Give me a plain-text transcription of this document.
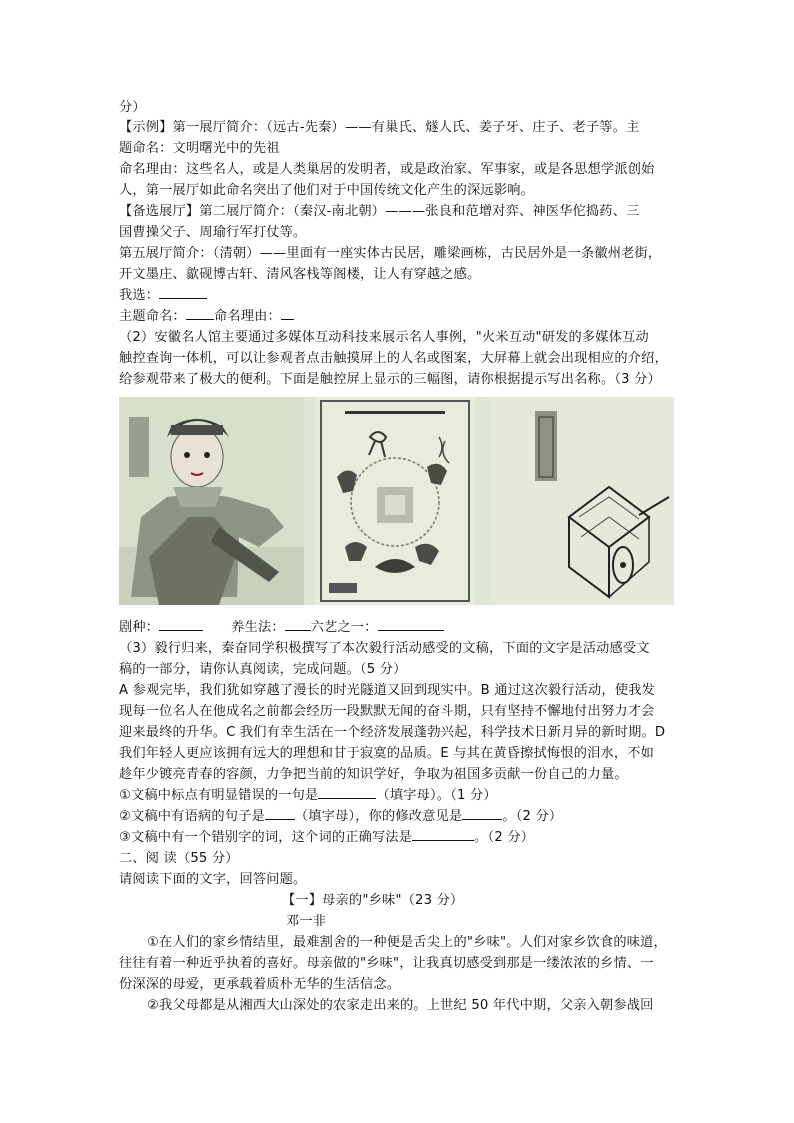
分）
【示例】第一展厅简介：（远古-先秦）——有巢氏、燧人氏、姜子牙、庄子、老子等。主
题命名：文明曙光中的先祖
命名理由：这些名人，或是人类巢居的发明者，或是政治家、军事家，或是各思想学派创始
人，第一展厅如此命名突出了他们对于中国传统文化产生的深远影响。
【备选展厅】第二展厅简介：（秦汉-南北朝）———张良和范增对弈、神医华佗捣药、三
国曹操父子、周瑜行军打仗等。
第五展厅简介：（清朝）——里面有一座实体古民居，雕梁画栋，古民居外是一条徽州老街，
开文墨庄、歙砚博古轩、清风客栈等阁楼，让人有穿越之感。
我选：
主题命名： 命名理由：
（2）安徽名人馆主要通过多媒体互动科技来展示名人事例，"火米互动"研发的多媒体互动
触控查询一体机，可以让参观者点击触摸屏上的人名或图案，大屏幕上就会出现相应的介绍，
给参观带来了极大的便利。下面是触控屏上显示的三幅图，请你根据提示写出名称。（3 分）
剧种：	养生法： 六艺之一：
（3）毅行归来，秦奋同学积极撰写了本次毅行活动感受的文稿，下面的文字是活动感受文
稿的一部分，请你认真阅读，完成问题。（5 分）
A 参观完毕，我们犹如穿越了漫长的时光隧道又回到现实中。B 通过这次毅行活动，使我发
现每一位名人在他成名之前都会经历一段默默无闻的奋斗期，只有坚持不懈地付出努力才会
迎来最终的升华。C 我们有幸生活在一个经济发展蓬勃兴起，科学技术日新月异的新时期。D
我们年轻人更应该拥有远大的理想和甘于寂寞的品质。E 与其在黄昏擦拭悔恨的泪水，不如
趁年少镀亮青春的容颜，力争把当前的知识学好，争取为祖国多贡献一份自己的力量。
①文稿中标点有明显错误的一句是	（填字母）。（1 分）
②文稿中有语病的句子是 （填字母），你的修改意见是	。（2 分）
③文稿中有一个错别字的词，这个词的正确写法是	。（2 分）
二、阅 读（55 分）
请阅读下面的文字，回答问题。
【一】母亲的"乡味"（23 分）
邓一非
①在人们的家乡情结里，最难割舍的一种便是舌尖上的"乡味"。人们对家乡饮食的味道，
往往有着一种近乎执着的喜好。母亲做的"乡味"，让我真切感受到那是一缕浓浓的乡情、一
份深深的母爱，更承载着质朴无华的生活信念。
②我父母都是从湘西大山深处的农家走出来的。上世纪 50 年代中期，父亲入朝参战回
